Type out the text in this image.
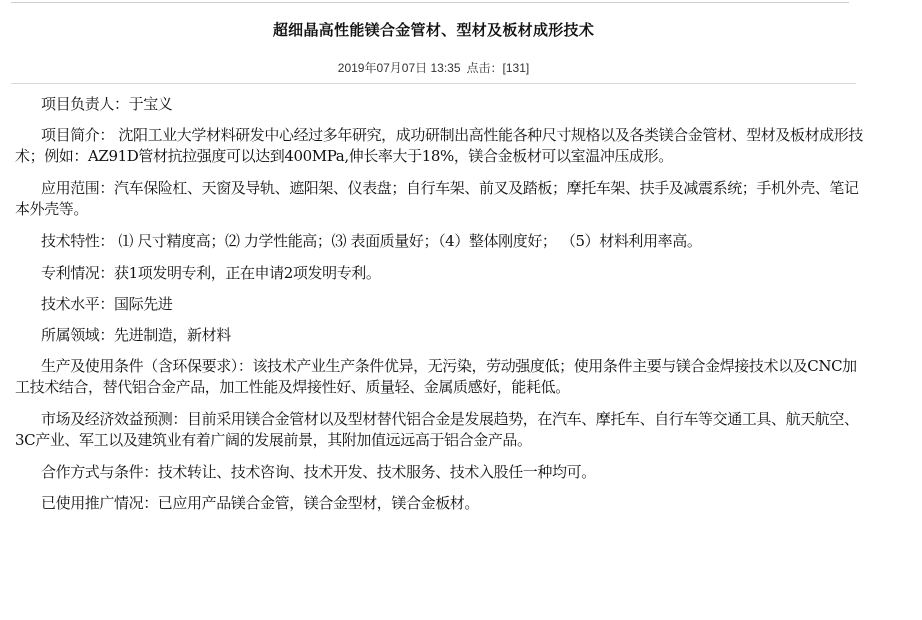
超细晶高性能镁合金管材、型材及板材成形技术
2019年07月07日 13:35 点击：[131]

项目负责人：于宝义

项目简介： 沈阳工业大学材料研发中心经过多年研究，成功研制出高性能各种尺寸规格以及各类镁合金管材、型材及板材成形技术；例如：AZ91D管材抗拉强度可以达到400MPa,伸长率大于18%，镁合金板材可以室温冲压成形。

应用范围：汽车保险杠、天窗及导轨、遮阳架、仪表盘；自行车架、前叉及踏板；摩托车架、扶手及减震系统；手机外壳、笔记本外壳等。

技术特性： ⑴ 尺寸精度高；⑵ 力学性能高；⑶ 表面质量好；（4）整体刚度好； （5）材料利用率高。

专利情况：获1项发明专利，正在申请2项发明专利。

技术水平：国际先进

所属领域：先进制造，新材料

生产及使用条件（含环保要求）：该技术产业生产条件优异，无污染，劳动强度低；使用条件主要与镁合金焊接技术以及CNC加工技术结合，替代铝合金产品，加工性能及焊接性好、质量轻、金属质感好，能耗低。

市场及经济效益预测：目前采用镁合金管材以及型材替代铝合金是发展趋势，在汽车、摩托车、自行车等交通工具、航天航空、3C产业、军工以及建筑业有着广阔的发展前景，其附加值远远高于铝合金产品。

合作方式与条件：技术转让、技术咨询、技术开发、技术服务、技术入股任一种均可。

已使用推广情况：已应用产品镁合金管，镁合金型材，镁合金板材。
